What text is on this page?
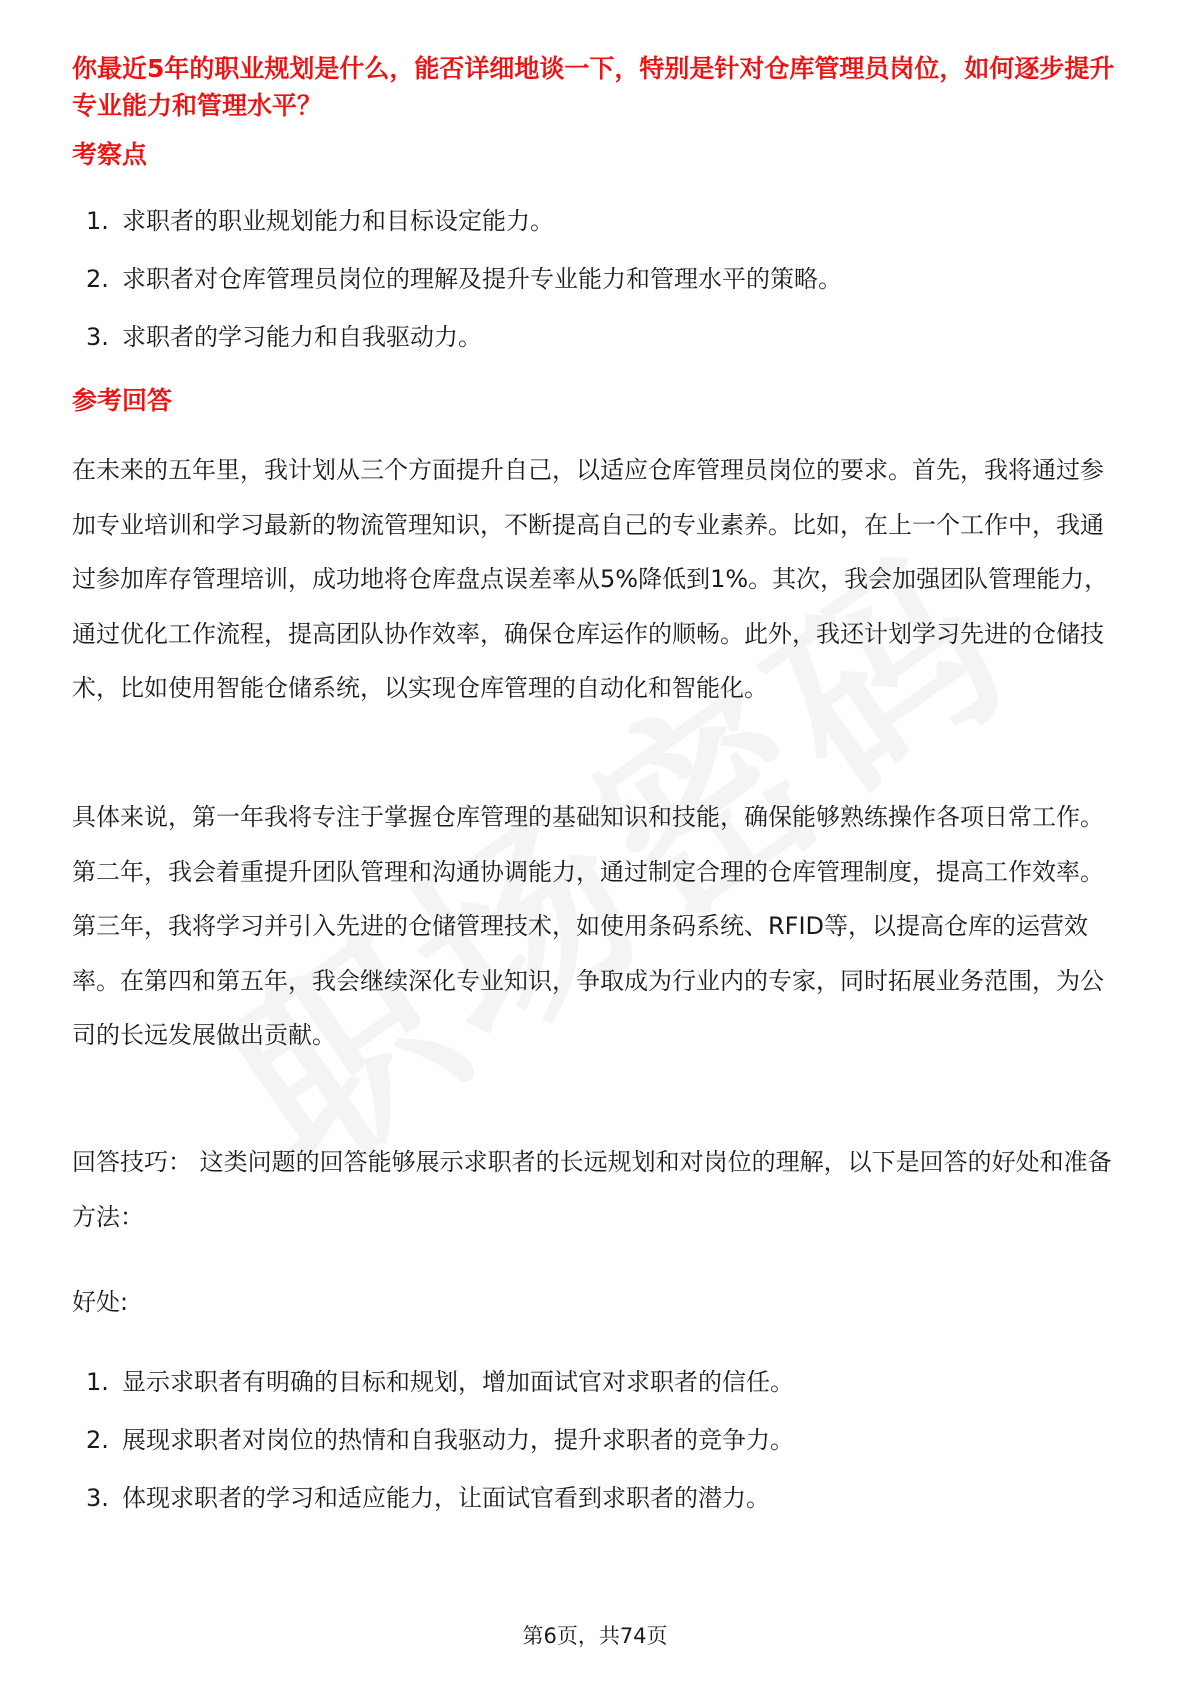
你最近5年的职业规划是什么，能否详细地谈一下，特别是针对仓库管理员岗位，如何逐步提升专业能力和管理水平？

考察点
1. 求职者的职业规划能力和目标设定能力。
2. 求职者对仓库管理员岗位的理解及提升专业能力和管理水平的策略。
3. 求职者的学习能力和自我驱动力。
参考回答

在未来的五年里，我计划从三个方面提升自己，以适应仓库管理员岗位的要求。首先，我将通过参加专业培训和学习最新的物流管理知识，不断提高自己的专业素养。比如，在上一个工作中，我通过参加库存管理培训，成功地将仓库盘点误差率从5%降低到1%。其次，我会加强团队管理能力，通过优化工作流程，提高团队协作效率，确保仓库运作的顺畅。此外，我还计划学习先进的仓储技术，比如使用智能仓储系统，以实现仓库管理的自动化和智能化。

具体来说，第一年我将专注于掌握仓库管理的基础知识和技能，确保能够熟练操作各项日常工作。第二年，我会着重提升团队管理和沟通协调能力，通过制定合理的仓库管理制度，提高工作效率。第三年，我将学习并引入先进的仓储管理技术，如使用条码系统、RFID等，以提高仓库的运营效率。在第四和第五年，我会继续深化专业知识，争取成为行业内的专家，同时拓展业务范围，为公司的长远发展做出贡献。

回答技巧： 这类问题的回答能够展示求职者的长远规划和对岗位的理解，以下是回答的好处和准备方法：

好处:

1. 显示求职者有明确的目标和规划，增加面试官对求职者的信任。
2. 展现求职者对岗位的热情和自我驱动力，提升求职者的竞争力。
3. 体现求职者的学习和适应能力，让面试官看到求职者的潜力。

第6页，共74页
